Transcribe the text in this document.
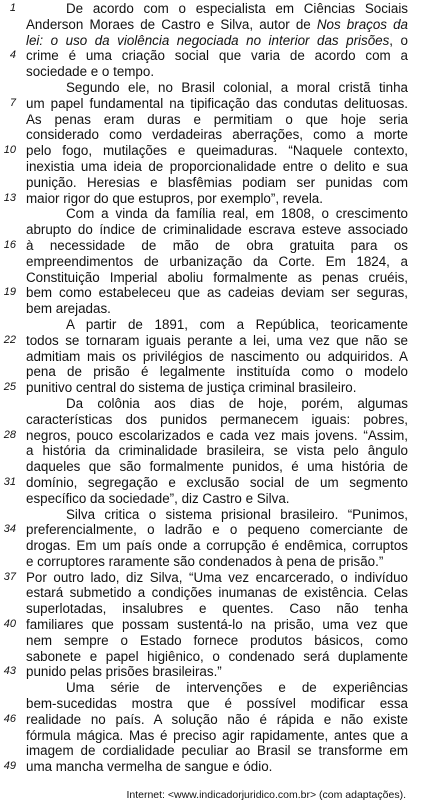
1
4
7
10
13
16
19
22
25
28
31
34
37
40
43
46
49
De acordo com o especialista em Ciências Sociais
Anderson Moraes de Castro e Silva, autor de Nos braços da
lei: o uso da violência negociada no interior das prisões, o
crime é uma criação social que varia de acordo com a
sociedade e o tempo.
Segundo ele, no Brasil colonial, a moral cristã tinha
um papel fundamental na tipificação das condutas delituosas.
As penas eram duras e permitiam o que hoje seria
considerado como verdadeiras aberrações, como a morte
pelo fogo, mutilações e queimaduras. “Naquele contexto,
inexistia uma ideia de proporcionalidade entre o delito e sua
punição. Heresias e blasfêmias podiam ser punidas com
maior rigor do que estupros, por exemplo”, revela.
Com a vinda da família real, em 1808, o crescimento
abrupto do índice de criminalidade escrava esteve associado
à necessidade de mão de obra gratuita para os
empreendimentos de urbanização da Corte. Em 1824, a
Constituição Imperial aboliu formalmente as penas cruéis,
bem como estabeleceu que as cadeias deviam ser seguras,
bem arejadas.
A partir de 1891, com a República, teoricamente
todos se tornaram iguais perante a lei, uma vez que não se
admitiam mais os privilégios de nascimento ou adquiridos. A
pena de prisão é legalmente instituída como o modelo
punitivo central do sistema de justiça criminal brasileiro.
Da colônia aos dias de hoje, porém, algumas
características dos punidos permanecem iguais: pobres,
negros, pouco escolarizados e cada vez mais jovens. “Assim,
a história da criminalidade brasileira, se vista pelo ângulo
daqueles que são formalmente punidos, é uma história de
domínio, segregação e exclusão social de um segmento
específico da sociedade”, diz Castro e Silva.
Silva critica o sistema prisional brasileiro. “Punimos,
preferencialmente, o ladrão e o pequeno comerciante de
drogas. Em um país onde a corrupção é endêmica, corruptos
e corruptores raramente são condenados à pena de prisão.”
Por outro lado, diz Silva, “Uma vez encarcerado, o indivíduo
estará submetido a condições inumanas de existência. Celas
superlotadas, insalubres e quentes. Caso não tenha
familiares que possam sustentá-lo na prisão, uma vez que
nem sempre o Estado fornece produtos básicos, como
sabonete e papel higiênico, o condenado será duplamente
punido pelas prisões brasileiras.”
Uma série de intervenções e de experiências
bem-sucedidas mostra que é possível modificar essa
realidade no país. A solução não é rápida e não existe
fórmula mágica. Mas é preciso agir rapidamente, antes que a
imagem de cordialidade peculiar ao Brasil se transforme em
uma mancha vermelha de sangue e ódio.
Internet: <www.indicadorjuridico.com.br> (com adaptações).
